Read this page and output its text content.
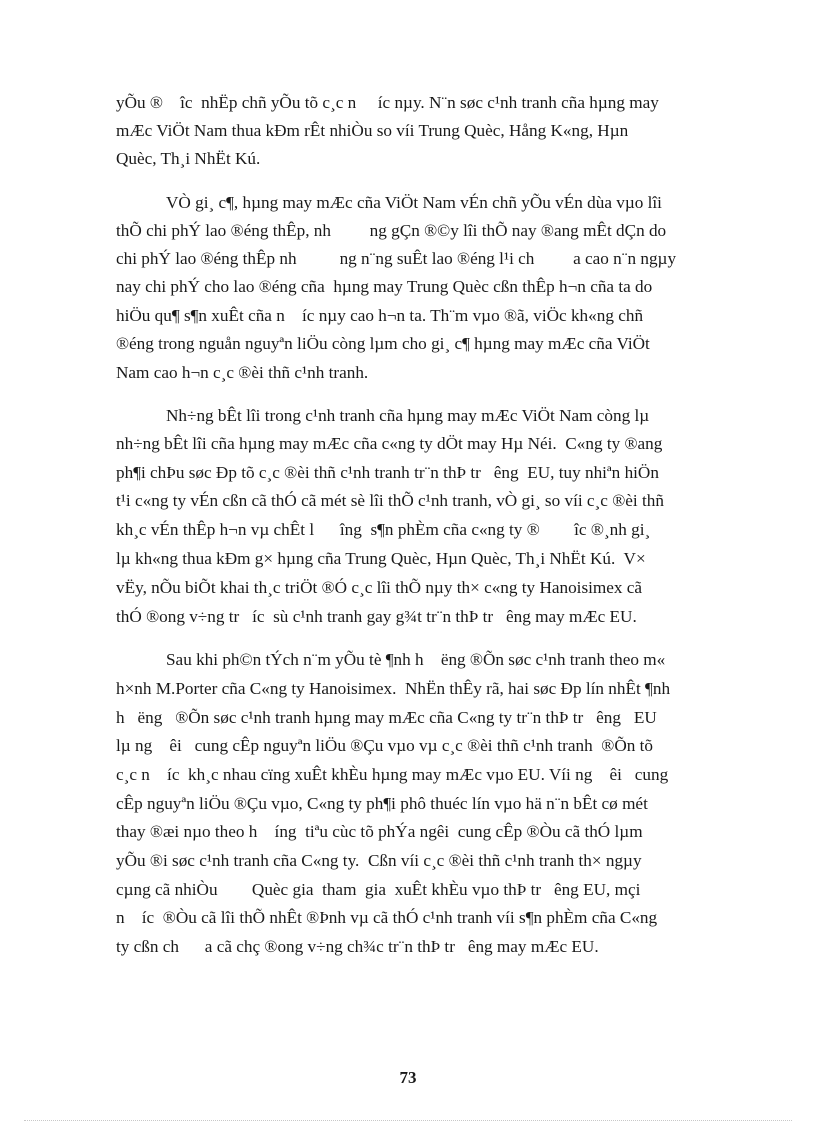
yÕu ®    îc  nhËp chñ yÕu tõ c¸c n     íc nµy. N¨n søc c¹nh tranh cña hµng may
mÆc ViÖt Nam thua kÐm rÊt nhiÒu so víi Trung Quèc, Hång K«ng, Hµn
Quèc, Th¸i NhËt Kú.
VÒ gi¸ c¶, hµng may mÆc cña ViÖt Nam vÉn chñ yÕu vÉn dùa vµo lîi
thÕ chi phÝ lao ®éng thÊp, nh         ng gÇn ®©y lîi thÕ nay ®ang mÊt dÇn do
chi phÝ lao ®éng thÊp nh          ng n¨ng suÊt lao ®éng l¹i ch         a cao n¨n ngµy
nay chi phÝ cho lao ®éng cña  hµng may Trung Quèc cßn thÊp h¬n cña ta do
hiÖu qu¶ s¶n xuÊt cña n    íc nµy cao h¬n ta. Th¨m vµo ®ã, viÖc kh«ng chñ
®éng trong nguån nguyªn liÖu còng lµm cho gi¸ c¶ hµng may mÆc cña ViÖt
Nam cao h¬n c¸c ®èi thñ c¹nh tranh.
Nh÷ng bÊt lîi trong c¹nh tranh cña hµng may mÆc ViÖt Nam còng lµ
nh÷ng bÊt lîi cña hµng may mÆc cña c«ng ty dÖt may Hµ Néi.  C«ng ty ®ang
ph¶i chÞu søc Ðp tõ c¸c ®èi thñ c¹nh tranh tr¨n thÞ tr   êng  EU, tuy nhiªn hiÖn
t¹i c«ng ty vÉn cßn cã thÓ cã mét sè lîi thÕ c¹nh tranh, vÒ gi¸ so víi c¸c ®èi thñ
kh¸c vÉn thÊp h¬n vµ chÊt l      îng  s¶n phÈm cña c«ng ty ®        îc ®¸nh gi¸
lµ kh«ng thua kÐm g× hµng cña Trung Quèc, Hµn Quèc, Th¸i NhËt Kú.  V×
vËy, nÕu biÕt khai th¸c triÖt ®Ó c¸c lîi thÕ nµy th× c«ng ty Hanoisimex cã
thÓ ®ong v÷ng tr   íc  sù c¹nh tranh gay g¾t tr¨n thÞ tr   êng may mÆc EU.
Sau khi ph©n tÝch n¨m yÕu tè ¶nh h    ëng ®Õn søc c¹nh tranh theo m«
h×nh M.Porter cña C«ng ty Hanoisimex.  NhËn thÊy rã, hai søc Ðp lín nhÊt ¶nh
h   ëng   ®Õn søc c¹nh tranh hµng may mÆc cña C«ng ty tr¨n thÞ tr   êng   EU
lµ ng    êi   cung cÊp nguyªn liÖu ®Çu vµo vµ c¸c ®èi thñ c¹nh tranh  ®Õn tõ
c¸c n    íc  kh¸c nhau cïng xuÊt khÈu hµng may mÆc vµo EU. Víi ng    êi   cung
cÊp nguyªn liÖu ®Çu vµo, C«ng ty ph¶i phô thuéc lín vµo hä n¨n bÊt cø mét
thay ®æi nµo theo h    íng  tiªu cùc tõ phÝa ngêi  cung cÊp ®Òu cã thÓ lµm
yÕu ®i søc c¹nh tranh cña C«ng ty.  Cßn víi c¸c ®èi thñ c¹nh tranh th× ngµy
cµng cã nhiÒu        Quèc gia  tham  gia  xuÊt khÈu vµo thÞ tr   êng EU, mçi
n    íc  ®Òu cã lîi thÕ nhÊt ®Þnh vµ cã thÓ c¹nh tranh víi s¶n phÈm cña C«ng
ty cßn ch      a cã chç ®ong v÷ng ch¾c tr¨n thÞ tr   êng may mÆc EU.
73
